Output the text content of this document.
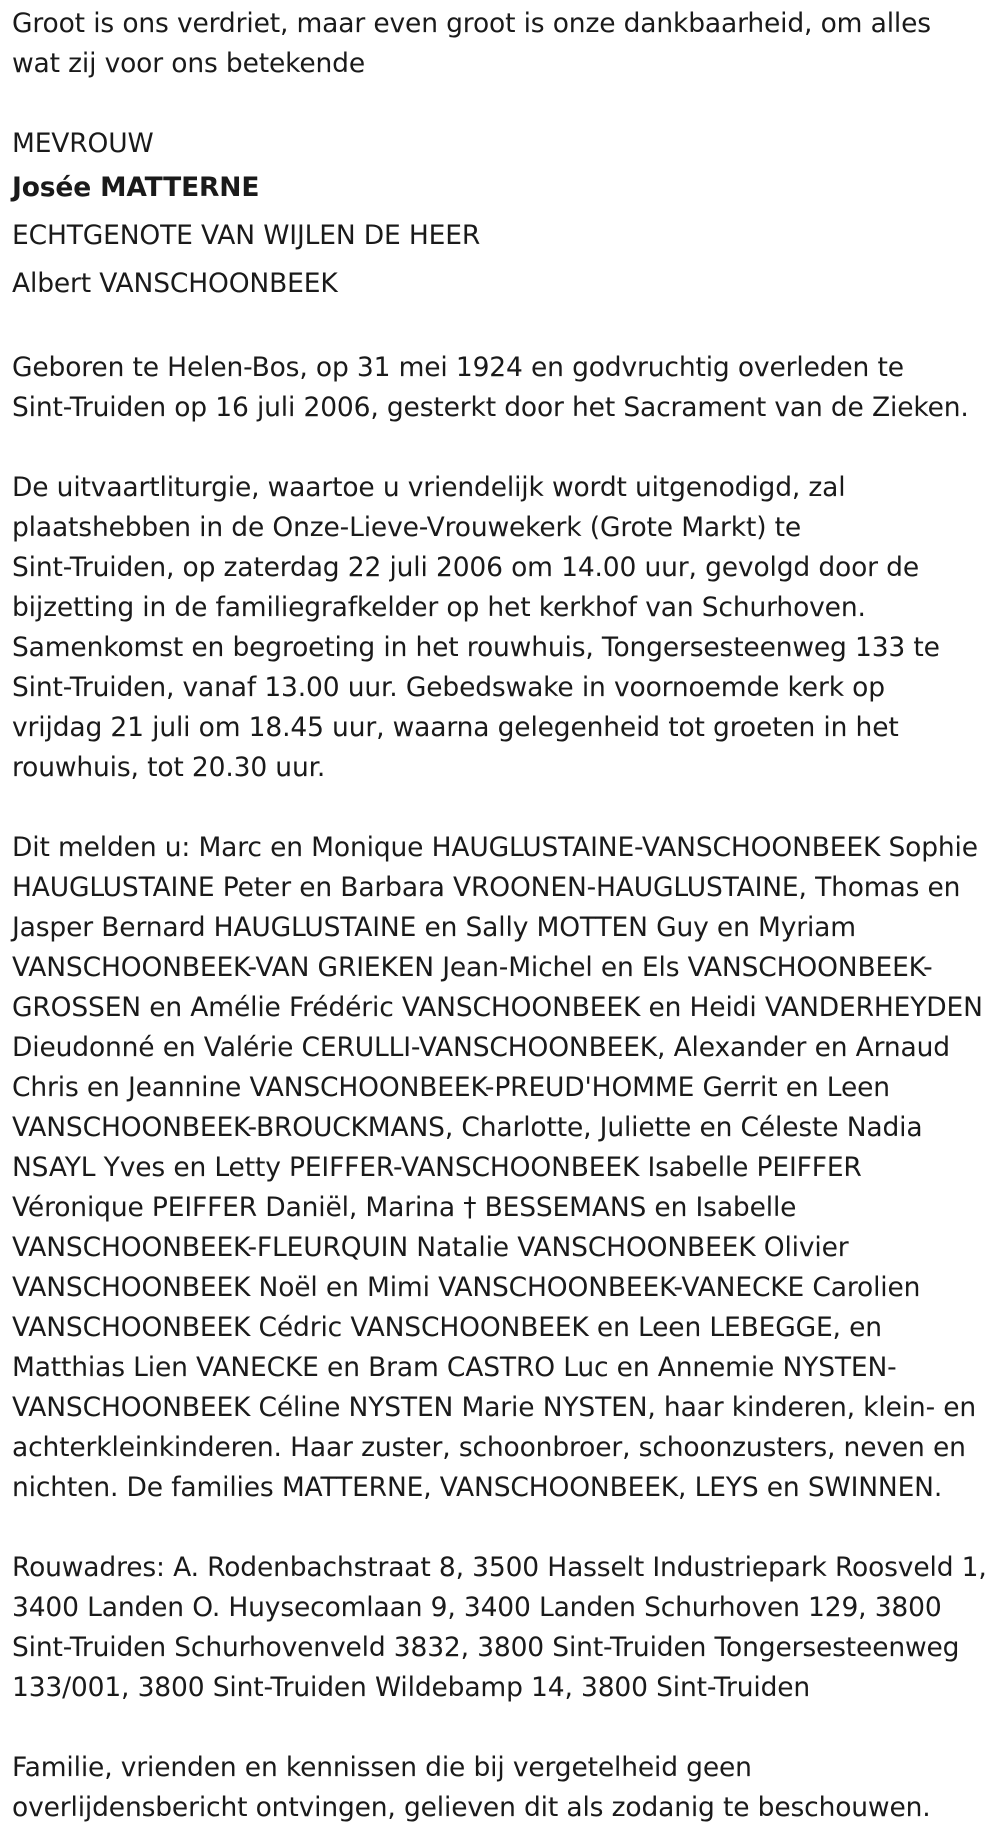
Groot is ons verdriet, maar even groot is onze dankbaarheid, om alles
wat zij voor ons betekende
MEVROUW
Josée MATTERNE
ECHTGENOTE VAN WIJLEN DE HEER
Albert VANSCHOONBEEK
Geboren te Helen-Bos, op 31 mei 1924 en godvruchtig overleden te
Sint-Truiden op 16 juli 2006, gesterkt door het Sacrament van de Zieken.
De uitvaartliturgie, waartoe u vriendelijk wordt uitgenodigd, zal
plaatshebben in de Onze-Lieve-Vrouwekerk (Grote Markt) te
Sint-Truiden, op zaterdag 22 juli 2006 om 14.00 uur, gevolgd door de
bijzetting in de familiegrafkelder op het kerkhof van Schurhoven.
Samenkomst en begroeting in het rouwhuis, Tongersesteenweg 133 te
Sint-Truiden, vanaf 13.00 uur. Gebedswake in voornoemde kerk op
vrijdag 21 juli om 18.45 uur, waarna gelegenheid tot groeten in het
rouwhuis, tot 20.30 uur.
Dit melden u: Marc en Monique HAUGLUSTAINE-VANSCHOONBEEK Sophie
HAUGLUSTAINE Peter en Barbara VROONEN-HAUGLUSTAINE, Thomas en
Jasper Bernard HAUGLUSTAINE en Sally MOTTEN Guy en Myriam
VANSCHOONBEEK-VAN GRIEKEN Jean-Michel en Els VANSCHOONBEEK-
GROSSEN en Amélie Frédéric VANSCHOONBEEK en Heidi VANDERHEYDEN
Dieudonné en Valérie CERULLI-VANSCHOONBEEK, Alexander en Arnaud
Chris en Jeannine VANSCHOONBEEK-PREUD'HOMME Gerrit en Leen
VANSCHOONBEEK-BROUCKMANS, Charlotte, Juliette en Céleste Nadia
NSAYL Yves en Letty PEIFFER-VANSCHOONBEEK Isabelle PEIFFER
Véronique PEIFFER Daniël, Marina † BESSEMANS en Isabelle
VANSCHOONBEEK-FLEURQUIN Natalie VANSCHOONBEEK Olivier
VANSCHOONBEEK Noël en Mimi VANSCHOONBEEK-VANECKE Carolien
VANSCHOONBEEK Cédric VANSCHOONBEEK en Leen LEBEGGE, en
Matthias Lien VANECKE en Bram CASTRO Luc en Annemie NYSTEN-
VANSCHOONBEEK Céline NYSTEN Marie NYSTEN, haar kinderen, klein- en
achterkleinkinderen. Haar zuster, schoonbroer, schoonzusters, neven en
nichten. De families MATTERNE, VANSCHOONBEEK, LEYS en SWINNEN.
Rouwadres: A. Rodenbachstraat 8, 3500 Hasselt Industriepark Roosveld 1,
3400 Landen O. Huysecomlaan 9, 3400 Landen Schurhoven 129, 3800
Sint-Truiden Schurhovenveld 3832, 3800 Sint-Truiden Tongersesteenweg
133/001, 3800 Sint-Truiden Wildebamp 14, 3800 Sint-Truiden
Familie, vrienden en kennissen die bij vergetelheid geen
overlijdensbericht ontvingen, gelieven dit als zodanig te beschouwen.
